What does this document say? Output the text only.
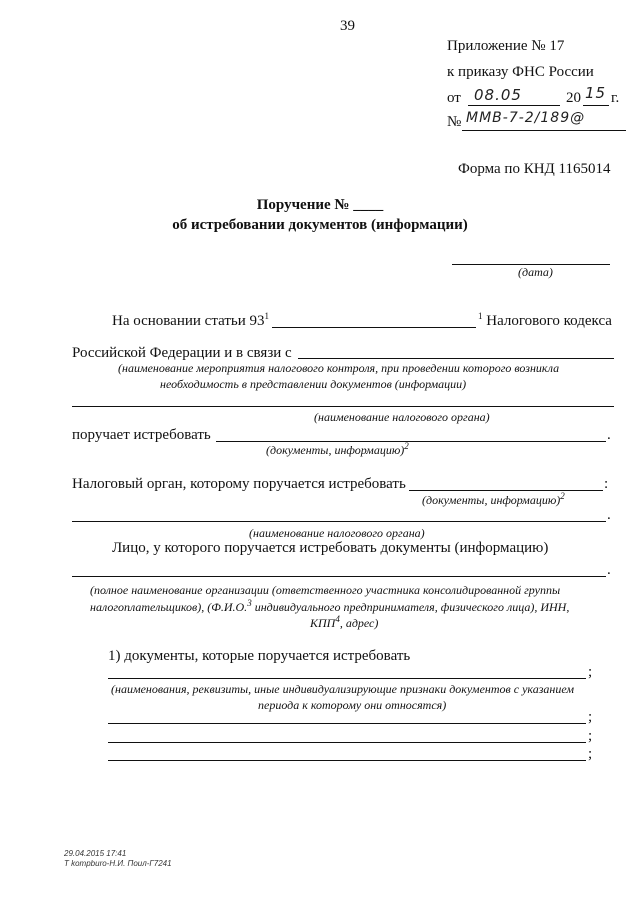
39
Приложение № 17
к приказу ФНС России
от 08.05	20 15 г.
№ ММВ-7-2/189@
Форма по КНД 1165014
Поручение № ____
об истребовании документов (информации)
(дата)
На основании статьи $93^1$	$^1$ Налогового кодекса
Российской Федерации и в связи с
(наименование мероприятия налогового контроля, при проведении которого возникла
необходимость в представлении документов (информации)
(наименование налогового органа)
поручает истребовать	.
(документы, информацию)$^2$
Налоговый орган, которому поручается истребовать	:
(документы, информацию)$^2$
.
(наименование налогового органа)
Лицо, у которого поручается истребовать документы (информацию)
.
(полное наименование организации (ответственного участника консолидированной группы
налогоплательщиков), (Ф.И.О.$^3$ индивидуального предпринимателя, физического лица), ИНН,
КПП$^4$, адрес)
1) документы, которые поручается истребовать
;
(наименования, реквизиты, иные индивидуализирующие признаки документов с указанием
периода к которому они относятся)
;
;
;
29.04.2015 17:41
Т kompburo-Н.И. Поил-Г7241
